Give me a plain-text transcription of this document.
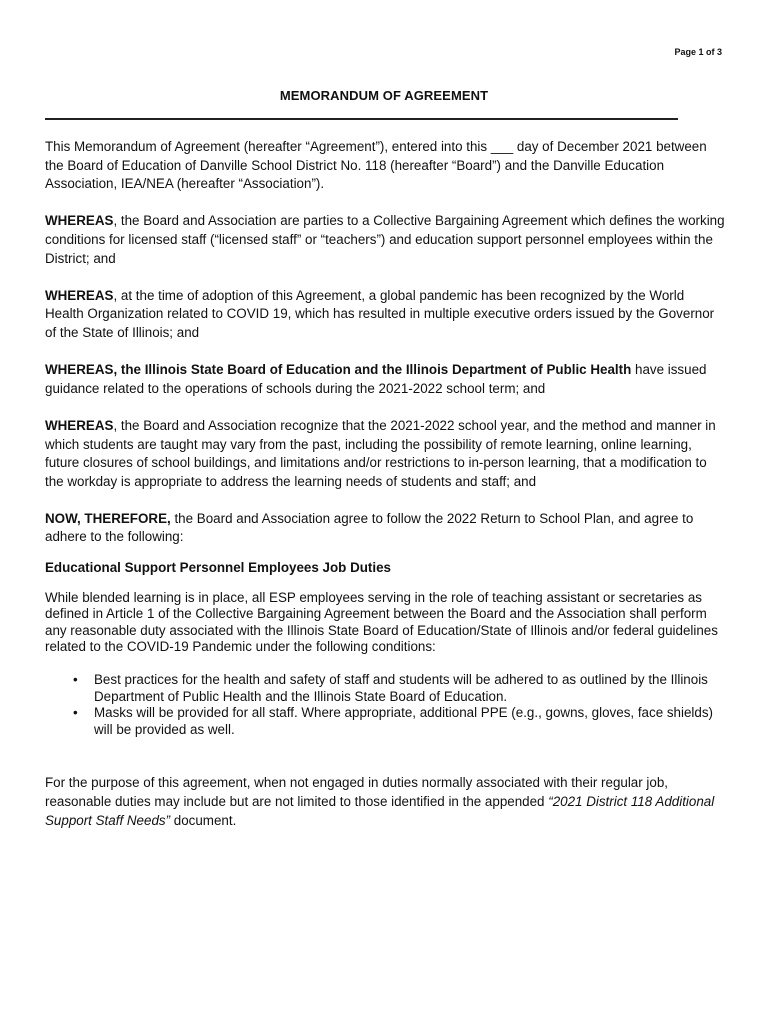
Page 1 of 3
MEMORANDUM OF AGREEMENT

This Memorandum of Agreement (hereafter “Agreement”), entered into this ___ day of December 2021 between the Board of Education of Danville School District No. 118 (hereafter “Board”) and the Danville Education Association, IEA/NEA (hereafter “Association”).

WHEREAS, the Board and Association are parties to a Collective Bargaining Agreement which defines the working conditions for licensed staff (“licensed staff” or “teachers”) and education support personnel employees within the District; and

WHEREAS, at the time of adoption of this Agreement, a global pandemic has been recognized by the World Health Organization related to COVID 19, which has resulted in multiple executive orders issued by the Governor of the State of Illinois; and

WHEREAS, the Illinois State Board of Education and the Illinois Department of Public Health have issued guidance related to the operations of schools during the 2021-2022 school term; and

WHEREAS, the Board and Association recognize that the 2021-2022 school year, and the method and manner in which students are taught may vary from the past, including the possibility of remote learning, online learning, future closures of school buildings, and limitations and/or restrictions to in-person learning, that a modification to the workday is appropriate to address the learning needs of students and staff; and

NOW, THEREFORE, the Board and Association agree to follow the 2022 Return to School Plan, and agree to adhere to the following:

Educational Support Personnel Employees Job Duties

While blended learning is in place, all ESP employees serving in the role of teaching assistant or secretaries as defined in Article 1 of the Collective Bargaining Agreement between the Board and the Association shall perform any reasonable duty associated with the Illinois State Board of Education/State of Illinois and/or federal guidelines related to the COVID-19 Pandemic under the following conditions:

• Best practices for the health and safety of staff and students will be adhered to as outlined by the Illinois Department of Public Health and the Illinois State Board of Education.
• Masks will be provided for all staff. Where appropriate, additional PPE (e.g., gowns, gloves, face shields) will be provided as well.

For the purpose of this agreement, when not engaged in duties normally associated with their regular job, reasonable duties may include but are not limited to those identified in the appended “2021 District 118 Additional Support Staff Needs” document.
